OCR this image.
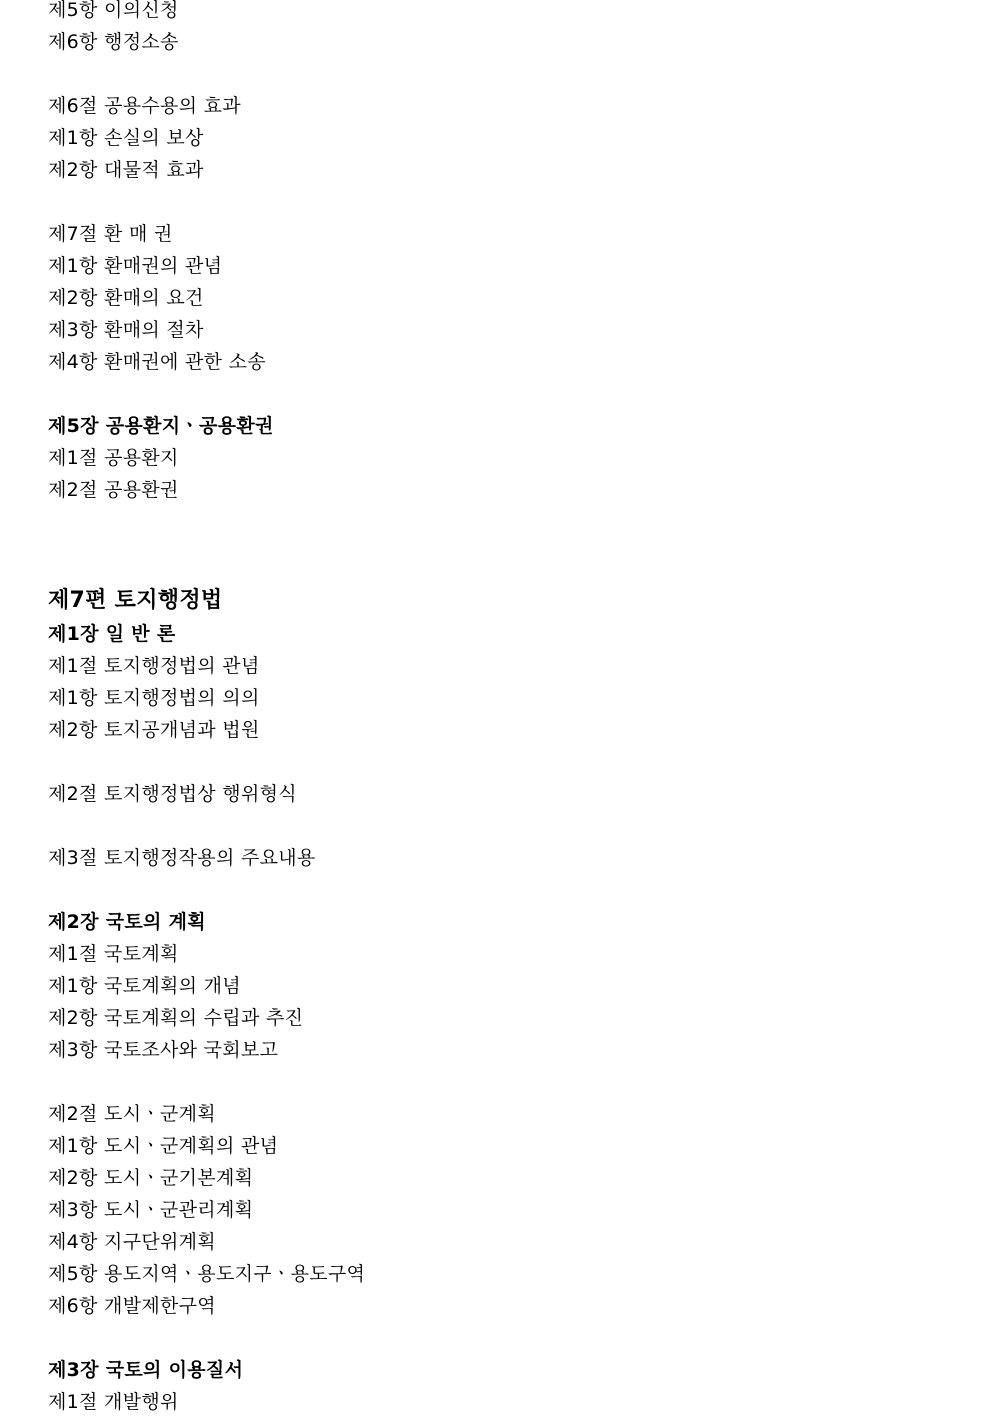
제5항 이의신청
제6항 행정소송
제6절 공용수용의 효과
제1항 손실의 보상
제2항 대물적 효과
제7절 환 매 권
제1항 환매권의 관념
제2항 환매의 요건
제3항 환매의 절차
제4항 환매권에 관한 소송
제5장 공용환지ㆍ공용환권
제1절 공용환지
제2절 공용환권
제7편 토지행정법
제1장 일 반 론
제1절 토지행정법의 관념
제1항 토지행정법의 의의
제2항 토지공개념과 법원
제2절 토지행정법상 행위형식
제3절 토지행정작용의 주요내용
제2장 국토의 계획
제1절 국토계획
제1항 국토계획의 개념
제2항 국토계획의 수립과 추진
제3항 국토조사와 국회보고
제2절 도시ㆍ군계획
제1항 도시ㆍ군계획의 관념
제2항 도시ㆍ군기본계획
제3항 도시ㆍ군관리계획
제4항 지구단위계획
제5항 용도지역ㆍ용도지구ㆍ용도구역
제6항 개발제한구역
제3장 국토의 이용질서
제1절 개발행위
